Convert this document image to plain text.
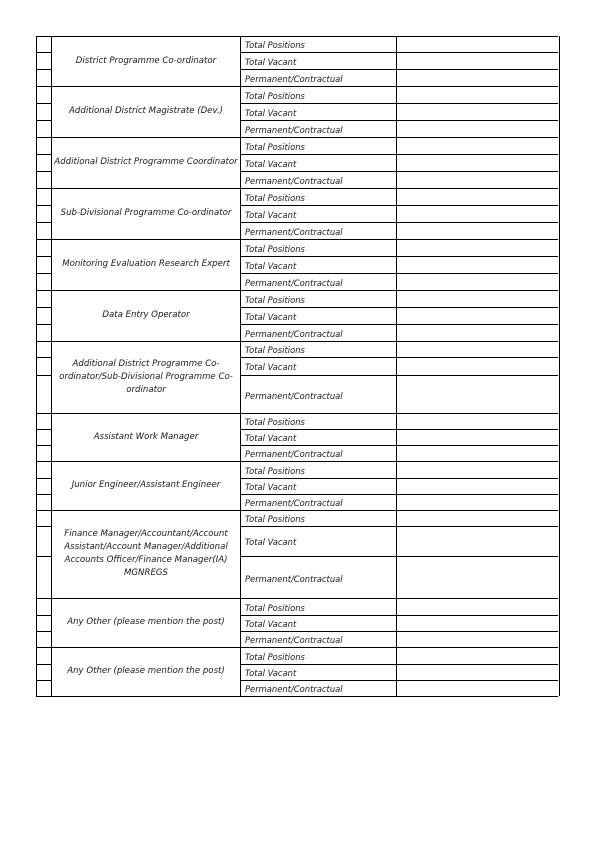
District Programme Co-ordinator
Total Positions
Total Vacant
Permanent/Contractual
Additional District Magistrate (Dev.)
Total Positions
Total Vacant
Permanent/Contractual
Additional District Programme Coordinator
Total Positions
Total Vacant
Permanent/Contractual
Sub-Divisional Programme Co-ordinator
Total Positions
Total Vacant
Permanent/Contractual
Monitoring Evaluation Research Expert
Total Positions
Total Vacant
Permanent/Contractual
Data Entry Operator
Total Positions
Total Vacant
Permanent/Contractual
Additional District Programme Co-ordinator/Sub-Divisional Programme Co-ordinator
Total Positions
Total Vacant
Permanent/Contractual
Assistant Work Manager
Total Positions
Total Vacant
Permanent/Contractual
Junior Engineer/Assistant Engineer
Total Positions
Total Vacant
Permanent/Contractual
Finance Manager/Accountant/Account Assistant/Account Manager/Additional Accounts Officer/Finance Manager(IA) MGNREGS
Total Positions
Total Vacant
Permanent/Contractual
Any Other (please mention the post)
Total Positions
Total Vacant
Permanent/Contractual
Any Other (please mention the post)
Total Positions
Total Vacant
Permanent/Contractual
